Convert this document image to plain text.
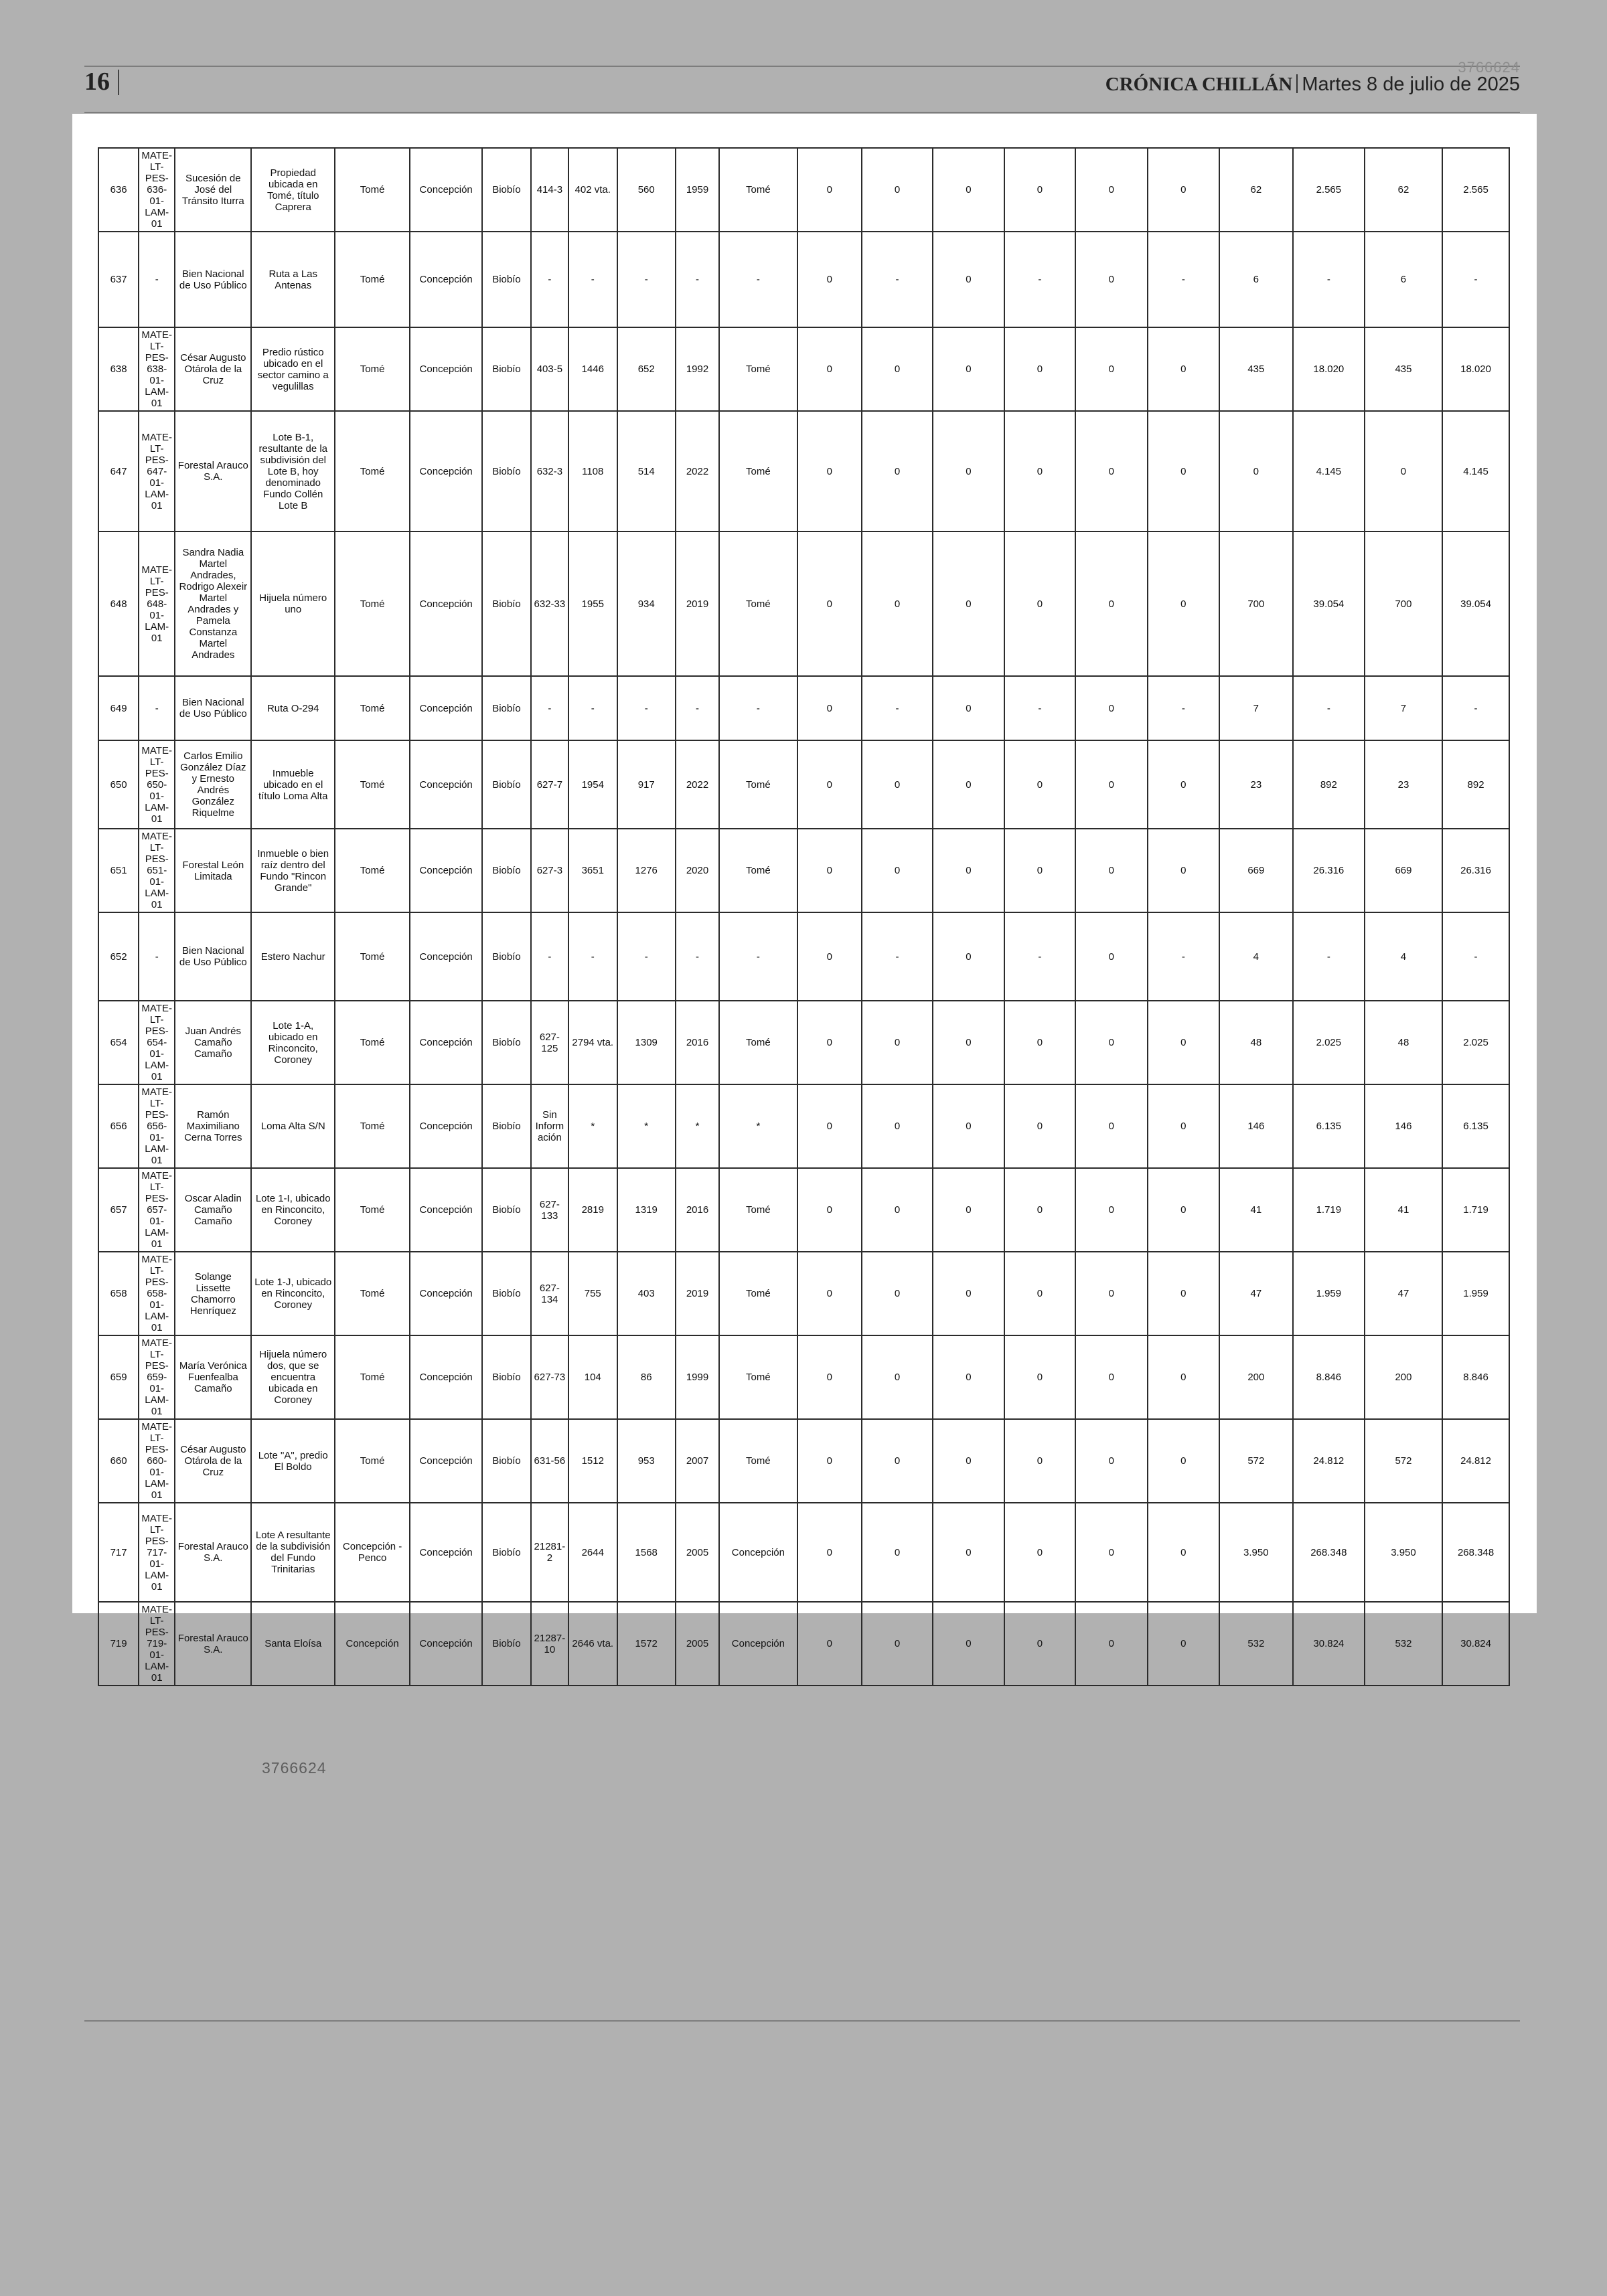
16
3766624
CRÓNICA CHILLÁN Martes 8 de julio de 2025
636	MATE-LT-PES-636-01-LAM-01	Sucesión de José del Tránsito Iturra	Propiedad ubicada en Tomé, título Caprera	Tomé	Concepción	Biobío	414-3	402 vta.	560	1959	Tomé	0	0	0	0	0	0	62	2.565	62	2.565
637	-	Bien Nacional de Uso Público	Ruta a Las Antenas	Tomé	Concepción	Biobío	-	-	-	-	-	0	-	0	-	0	-	6	-	6	-
638	MATE-LT-PES-638-01-LAM-01	César Augusto Otárola de la Cruz	Predio rústico ubicado en el sector camino a vegulillas	Tomé	Concepción	Biobío	403-5	1446	652	1992	Tomé	0	0	0	0	0	0	435	18.020	435	18.020
647	MATE-LT-PES-647-01-LAM-01	Forestal Arauco S.A.	Lote B-1, resultante de la subdivisión del Lote B, hoy denominado Fundo Collén Lote B	Tomé	Concepción	Biobío	632-3	1108	514	2022	Tomé	0	0	0	0	0	0	0	4.145	0	4.145
648	MATE-LT-PES-648-01-LAM-01	Sandra Nadia Martel Andrades, Rodrigo Alexeir Martel Andrades y Pamela Constanza Martel Andrades	Hijuela número uno	Tomé	Concepción	Biobío	632-33	1955	934	2019	Tomé	0	0	0	0	0	0	700	39.054	700	39.054
649	-	Bien Nacional de Uso Público	Ruta O-294	Tomé	Concepción	Biobío	-	-	-	-	-	0	-	0	-	0	-	7	-	7	-
650	MATE-LT-PES-650-01-LAM-01	Carlos Emilio González Díaz y Ernesto Andrés González Riquelme	Inmueble ubicado en el título Loma Alta	Tomé	Concepción	Biobío	627-7	1954	917	2022	Tomé	0	0	0	0	0	0	23	892	23	892
651	MATE-LT-PES-651-01-LAM-01	Forestal León Limitada	Inmueble o bien raíz dentro del Fundo "Rincon Grande"	Tomé	Concepción	Biobío	627-3	3651	1276	2020	Tomé	0	0	0	0	0	0	669	26.316	669	26.316
652	-	Bien Nacional de Uso Público	Estero Nachur	Tomé	Concepción	Biobío	-	-	-	-	-	0	-	0	-	0	-	4	-	4	-
654	MATE-LT-PES-654-01-LAM-01	Juan Andrés Camaño Camaño	Lote 1-A, ubicado en Rinconcito, Coroney	Tomé	Concepción	Biobío	627-125	2794 vta.	1309	2016	Tomé	0	0	0	0	0	0	48	2.025	48	2.025
656	MATE-LT-PES-656-01-LAM-01	Ramón Maximiliano Cerna Torres	Loma Alta S/N	Tomé	Concepción	Biobío	Sin Inform ación	*	*	*	*	0	0	0	0	0	0	146	6.135	146	6.135
657	MATE-LT-PES-657-01-LAM-01	Oscar Aladin Camaño Camaño	Lote 1-I, ubicado en Rinconcito, Coroney	Tomé	Concepción	Biobío	627-133	2819	1319	2016	Tomé	0	0	0	0	0	0	41	1.719	41	1.719
658	MATE-LT-PES-658-01-LAM-01	Solange Lissette Chamorro Henríquez	Lote 1-J, ubicado en Rinconcito, Coroney	Tomé	Concepción	Biobío	627-134	755	403	2019	Tomé	0	0	0	0	0	0	47	1.959	47	1.959
659	MATE-LT-PES-659-01-LAM-01	María Verónica Fuenfealba Camaño	Hijuela número dos, que se encuentra ubicada en Coroney	Tomé	Concepción	Biobío	627-73	104	86	1999	Tomé	0	0	0	0	0	0	200	8.846	200	8.846
660	MATE-LT-PES-660-01-LAM-01	César Augusto Otárola de la Cruz	Lote "A", predio El Boldo	Tomé	Concepción	Biobío	631-56	1512	953	2007	Tomé	0	0	0	0	0	0	572	24.812	572	24.812
717	MATE-LT-PES-717-01-LAM-01	Forestal Arauco S.A.	Lote A resultante de la subdivisión del Fundo Trinitarias	Concepción - Penco	Concepción	Biobío	21281-2	2644	1568	2005	Concepción	0	0	0	0	0	0	3.950	268.348	3.950	268.348
719	MATE-LT-PES-719-01-LAM-01	Forestal Arauco S.A.	Santa Eloísa	Concepción	Concepción	Biobío	21287-10	2646 vta.	1572	2005	Concepción	0	0	0	0	0	0	532	30.824	532	30.824
3766624
